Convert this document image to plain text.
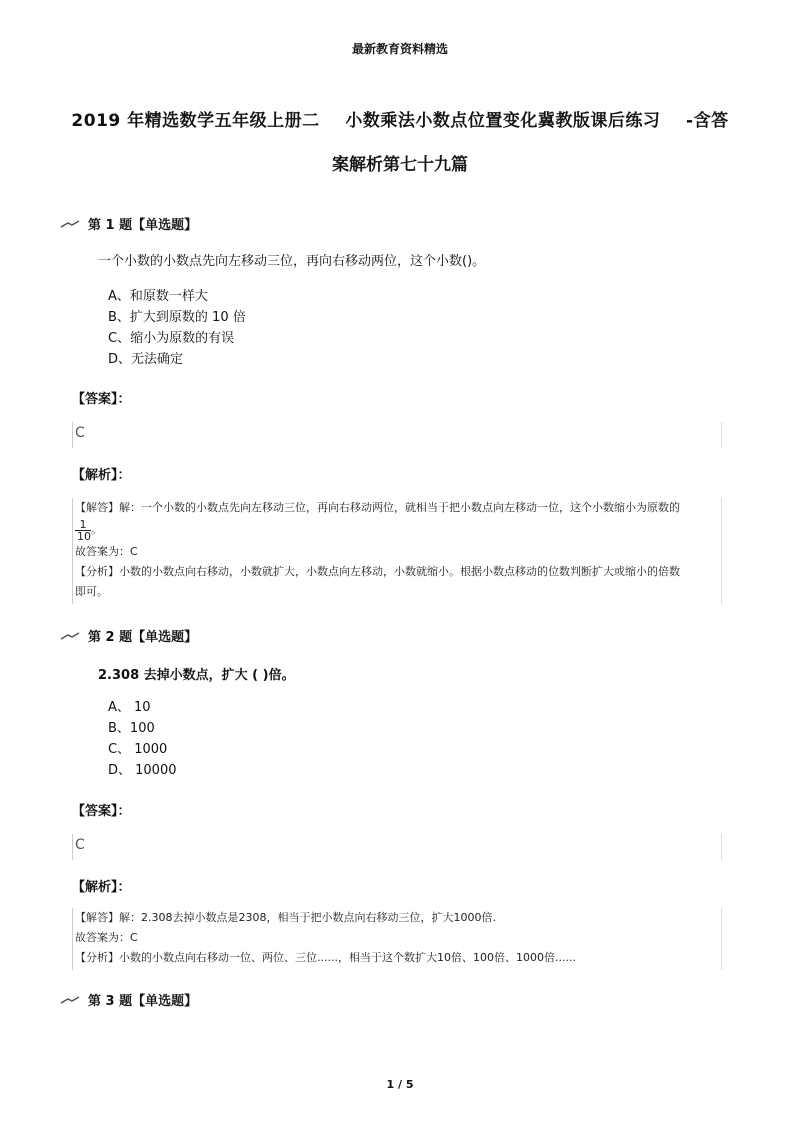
最新教育资料精选
2019 年精选数学五年级上册二    小数乘法小数点位置变化冀教版课后练习    -含答
案解析第七十九篇
第 1 题【单选题】
一个小数的小数点先向左移动三位，再向右移动两位，这个小数()。
A、和原数一样大
B、扩大到原数的 10 倍
C、缩小为原数的有误
D、无法确定
【答案】：
C
【解析】：
【解答】解：一个小数的小数点先向左移动三位，再向右移动两位，就相当于把小数点向左移动一位，这个小数缩小为原数的
$\frac{1}{10}$ 。
故答案为：C
【分析】小数的小数点向右移动，小数就扩大，小数点向左移动，小数就缩小。根据小数点移动的位数判断扩大或缩小的倍数
即可。
第 2 题【单选题】
2.308 去掉小数点，扩大 ( )倍。
A、 10
B、100
C、 1000
D、 10000
【答案】：
C
【解析】：
【解答】解：2.308去掉小数点是2308，相当于把小数点向右移动三位，扩大1000倍.
故答案为：C
【分析】小数的小数点向右移动一位、两位、三位......，相当于这个数扩大10倍、100倍、1000倍......
第 3 题【单选题】
1 / 5
